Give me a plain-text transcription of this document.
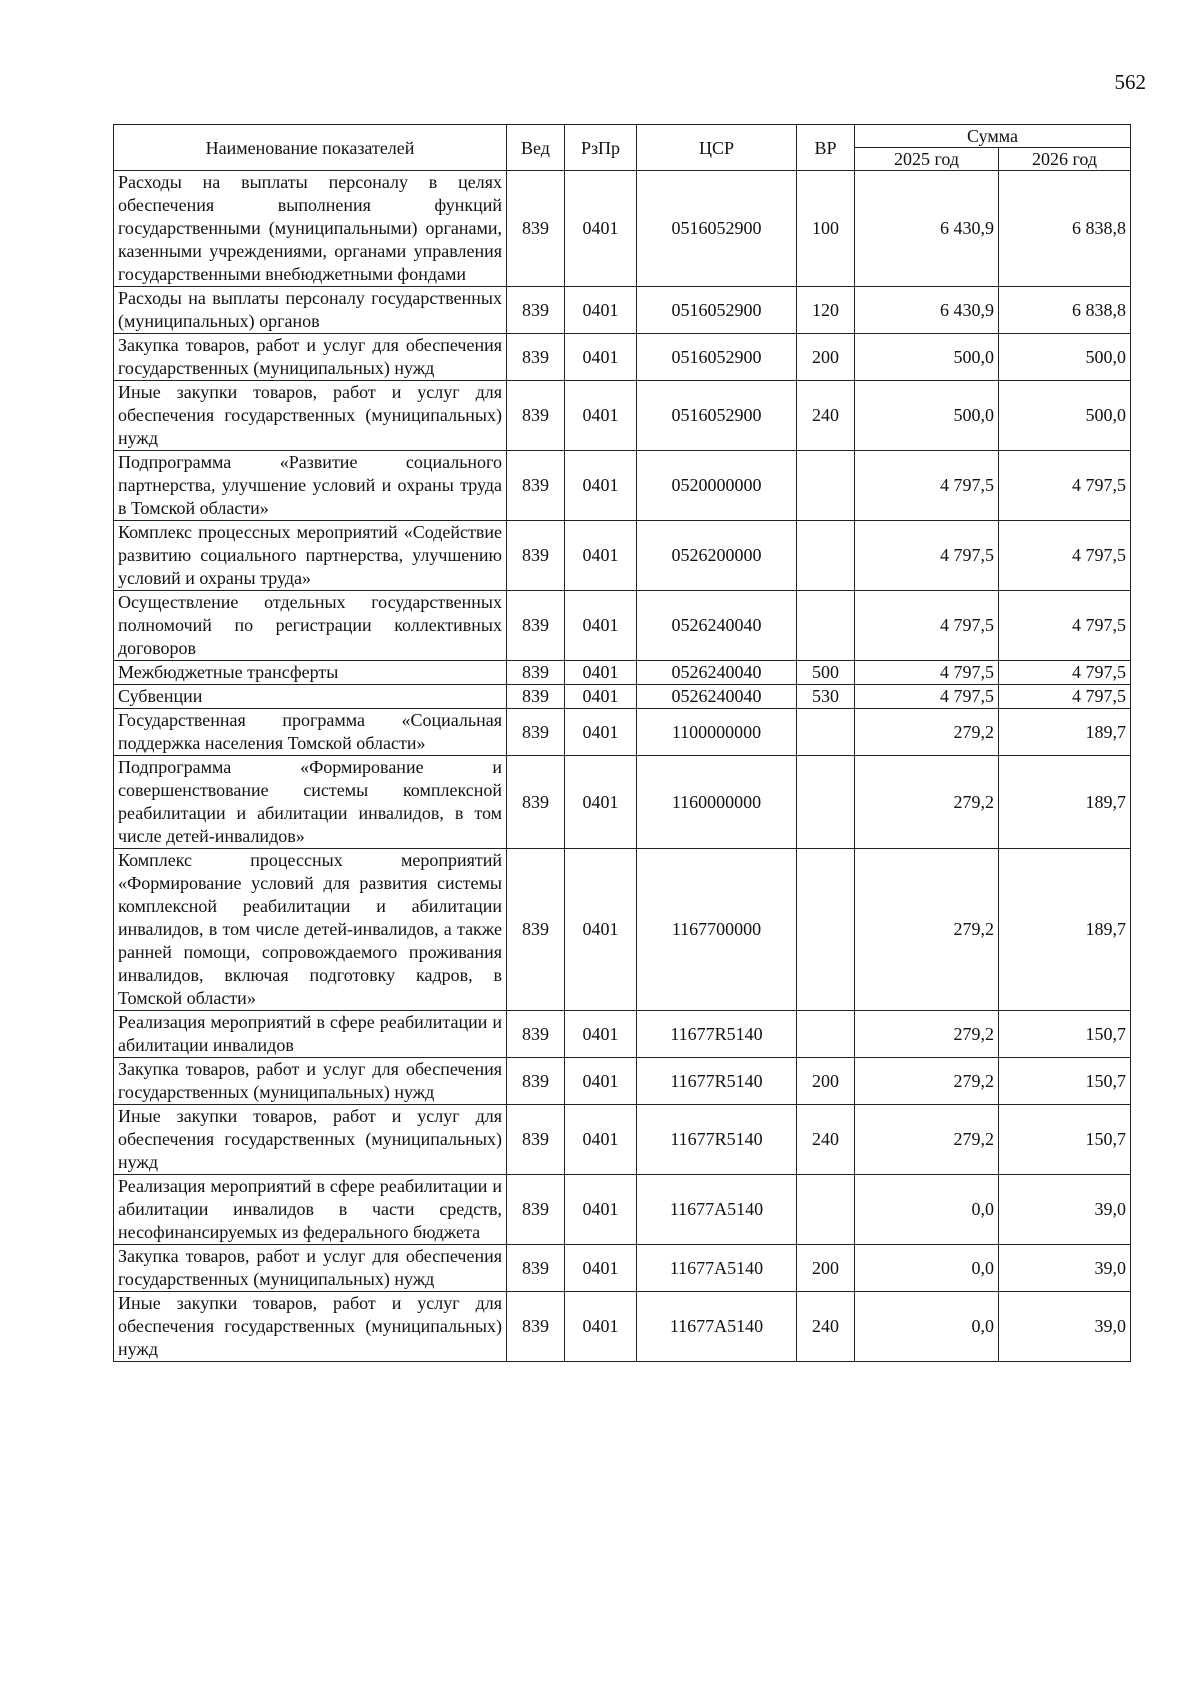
562
Наименование показателей	Вед	РзПр	ЦСР	ВР	Сумма	
					2025 год	2026 год
Расходы на выплаты персоналу в целях обеспечения выполнения функций государственными (муниципальными) органами, казенными учреждениями, органами управления государственными внебюджетными фондами	839	0401	0516052900	100	6 430,9	6 838,8
Расходы на выплаты персоналу государственных (муниципальных) органов	839	0401	0516052900	120	6 430,9	6 838,8
Закупка товаров, работ и услуг для обеспечения государственных (муниципальных) нужд	839	0401	0516052900	200	500,0	500,0
Иные закупки товаров, работ и услуг для обеспечения государственных (муниципальных) нужд	839	0401	0516052900	240	500,0	500,0
Подпрограмма «Развитие социального партнерства, улучшение условий и охраны труда в Томской области»	839	0401	0520000000		4 797,5	4 797,5
Комплекс процессных мероприятий «Содействие развитию социального партнерства, улучшению условий и охраны труда»	839	0401	0526200000		4 797,5	4 797,5
Осуществление отдельных государственных полномочий по регистрации коллективных договоров	839	0401	0526240040		4 797,5	4 797,5
Межбюджетные трансферты	839	0401	0526240040	500	4 797,5	4 797,5
Субвенции	839	0401	0526240040	530	4 797,5	4 797,5
Государственная программа «Социальная поддержка населения Томской области»	839	0401	1100000000		279,2	189,7
Подпрограмма «Формирование и совершенствование системы комплексной реабилитации и абилитации инвалидов, в том числе детей-инвалидов»	839	0401	1160000000		279,2	189,7
Комплекс процессных мероприятий «Формирование условий для развития системы комплексной реабилитации и абилитации инвалидов, в том числе детей-инвалидов, а также ранней помощи, сопровождаемого проживания инвалидов, включая подготовку кадров, в Томской области»	839	0401	1167700000		279,2	189,7
Реализация мероприятий в сфере реабилитации и абилитации инвалидов	839	0401	11677R5140		279,2	150,7
Закупка товаров, работ и услуг для обеспечения государственных (муниципальных) нужд	839	0401	11677R5140	200	279,2	150,7
Иные закупки товаров, работ и услуг для обеспечения государственных (муниципальных) нужд	839	0401	11677R5140	240	279,2	150,7
Реализация мероприятий в сфере реабилитации и абилитации инвалидов в части средств, несофинансируемых из федерального бюджета	839	0401	11677A5140		0,0	39,0
Закупка товаров, работ и услуг для обеспечения государственных (муниципальных) нужд	839	0401	11677A5140	200	0,0	39,0
Иные закупки товаров, работ и услуг для обеспечения государственных (муниципальных) нужд	839	0401	11677A5140	240	0,0	39,0
